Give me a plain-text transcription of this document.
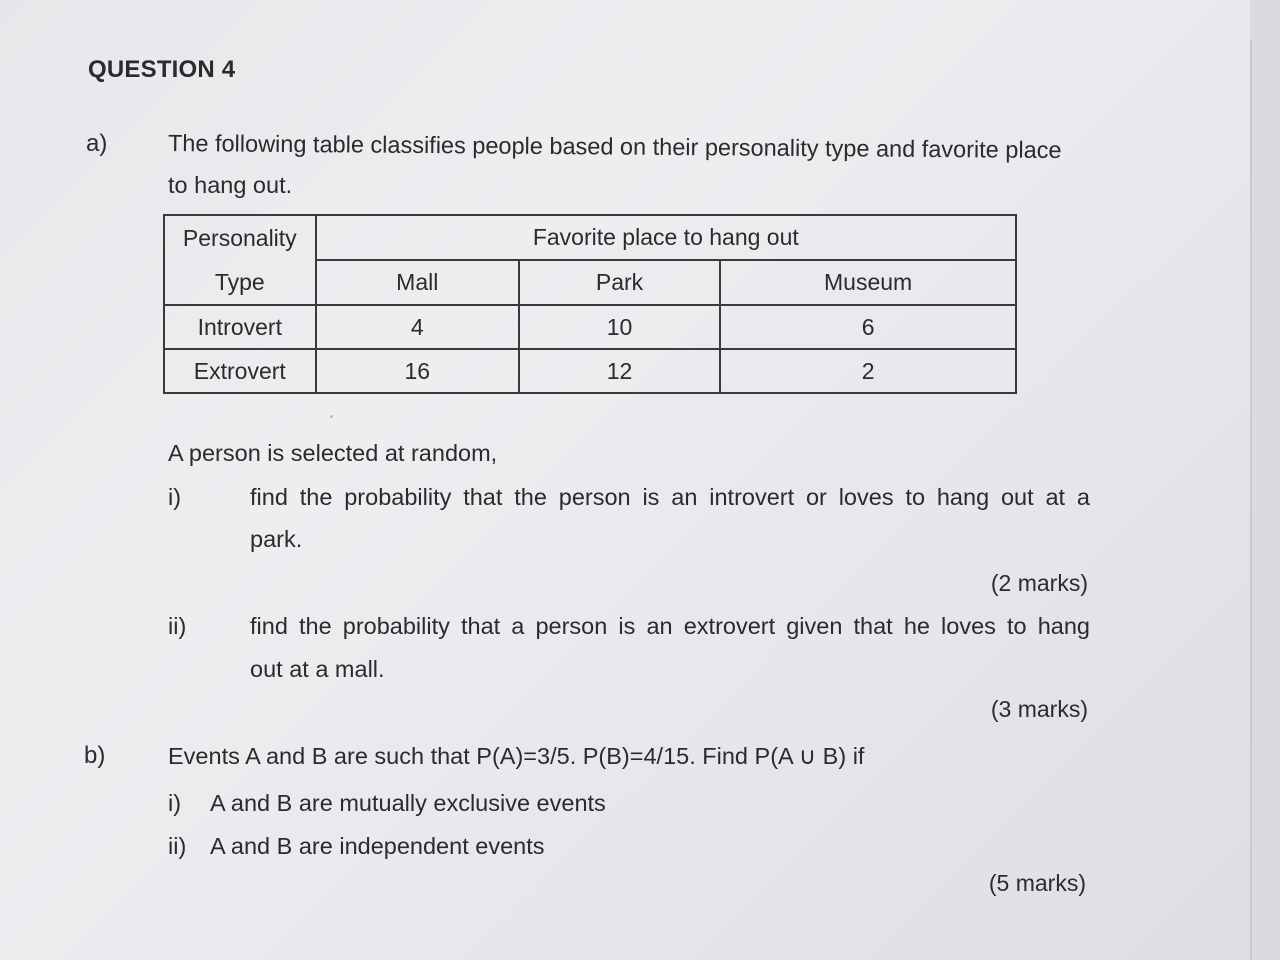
QUESTION 4
a)	The following table classifies people based on their personality type and favorite place
to hang out.
Personality
Type	Favorite place to hang out		
	Mall	Park	Museum
Introvert	4	10	6
Extrovert	16	12	2
A person is selected at random,
i)	find the probability that the person is an introvert or loves to hang out at a
park.
(2 marks)
ii)	find the probability that a person is an extrovert given that he loves to hang
out at a mall.
(3 marks)
b)	Events A and B are such that P(A)=3/5. P(B)=4/15. Find P(A ∪ B) if
i) A and B are mutually exclusive events
ii) A and B are independent events
(5 marks)
